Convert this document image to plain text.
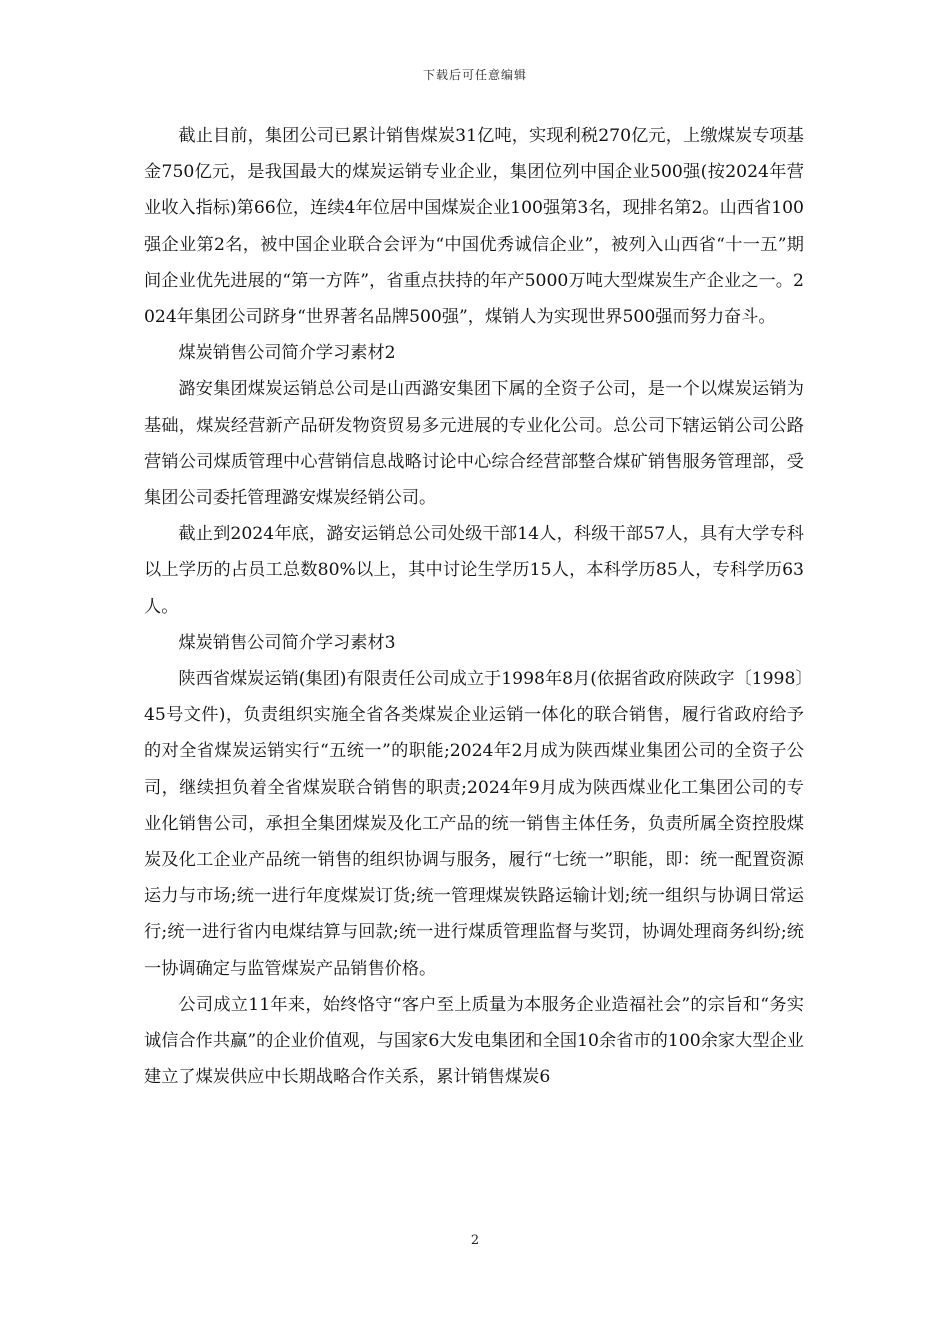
下载后可任意编辑

截止目前，集团公司已累计销售煤炭31亿吨，实现利税270亿元，上缴煤炭专项基金750亿元，是我国最大的煤炭运销专业企业，集团位列中国企业500强(按2024年营业收入指标)第66位，连续4年位居中国煤炭企业100强第3名，现排名第2。山西省100强企业第2名，被中国企业联合会评为“中国优秀诚信企业”，被列入山西省“十一五”期间企业优先进展的“第一方阵”，省重点扶持的年产5000万吨大型煤炭生产企业之一。2024年集团公司跻身“世界著名品牌500强”，煤销人为实现世界500强而努力奋斗。

煤炭销售公司简介学习素材2

潞安集团煤炭运销总公司是山西潞安集团下属的全资子公司，是一个以煤炭运销为基础，煤炭经营新产品研发物资贸易多元进展的专业化公司。总公司下辖运销公司公路营销公司煤质管理中心营销信息战略讨论中心综合经营部整合煤矿销售服务管理部，受集团公司委托管理潞安煤炭经销公司。

截止到2024年底，潞安运销总公司处级干部14人，科级干部57人，具有大学专科以上学历的占员工总数80%以上，其中讨论生学历15人，本科学历85人，专科学历63人。

煤炭销售公司简介学习素材3

陕西省煤炭运销(集团)有限责任公司成立于1998年8月(依据省政府陕政字〔1998〕45号文件)，负责组织实施全省各类煤炭企业运销一体化的联合销售，履行省政府给予的对全省煤炭运销实行“五统一”的职能;2024年2月成为陕西煤业集团公司的全资子公司，继续担负着全省煤炭联合销售的职责;2024年9月成为陕西煤业化工集团公司的专业化销售公司，承担全集团煤炭及化工产品的统一销售主体任务，负责所属全资控股煤炭及化工企业产品统一销售的组织协调与服务，履行“七统一”职能，即：统一配置资源运力与市场;统一进行年度煤炭订货;统一管理煤炭铁路运输计划;统一组织与协调日常运行;统一进行省内电煤结算与回款;统一进行煤质管理监督与奖罚，协调处理商务纠纷;统一协调确定与监管煤炭产品销售价格。

公司成立11年来，始终恪守“客户至上质量为本服务企业造福社会”的宗旨和“务实诚信合作共赢”的企业价值观，与国家6大发电集团和全国10余省市的100余家大型企业建立了煤炭供应中长期战略合作关系，累计销售煤炭6

2
